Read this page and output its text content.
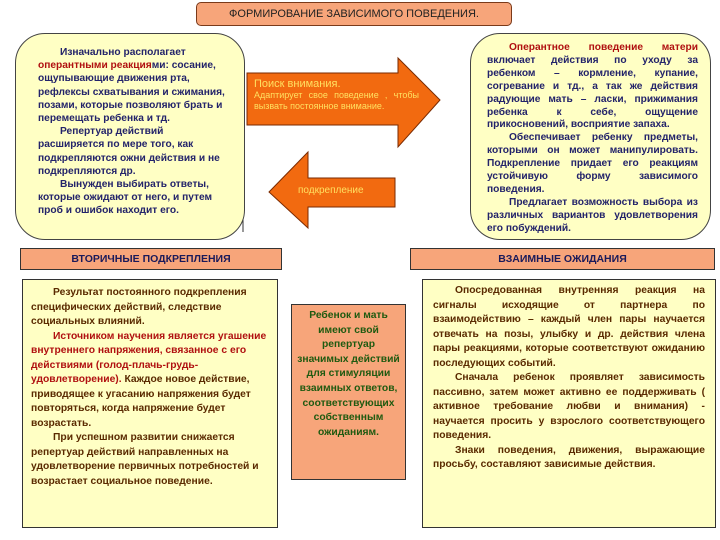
ФОРМИРОВАНИЕ ЗАВИСИМОГО ПОВЕДЕНИЯ.

Изначально располагает оперантными реакциями: сосание, ощупывающие движения рта, рефлексы схватывания и сжимания, позами, которые позволяют брать и перемещать ребенка и тд.

Репертуар действий расширяется по мере того, как подкрепляются ожни действия и не подкрепляются др.

Вынужден выбирать ответы, которые ожидают от него, и путем проб и ошибок находит его.

Поиск внимания.
Адаптирует свое поведение , чтобы вызвать постоянное внимание.
подкрепление

Оперантное поведение матери включает действия по уходу за ребенком – кормление, купание, согревание и тд., а так же действия радующие мать – ласки, прижимания ребенка к себе, ощущение прикосновений, восприятие запаха.

Обеспечивает ребенку предметы, которыми он может манипулировать. Подкрепление придает его реакциям устойчивую форму зависимого поведения.

Предлагает возможность выбора из различных вариантов удовлетворения его побуждений.

ВТОРИЧНЫЕ ПОДКРЕПЛЕНИЯ	ВЗАИМНЫЕ ОЖИДАНИЯ

Результат постоянного подкрепления специфических действий, следствие социальных влияний.

Источником научения является угашение внутреннего напряжения, связанное с его действиями (голод-плачь-грудь-удовлетворение). Каждое новое действие, приводящее к угасанию напряжения будет повторяться, когда напряжение будет возрастать.

При успешном развитии снижается репертуар действий направленных на удовлетворение первичных потребностей и возрастает социальное поведение.

Ребенок и мать имеют свой репертуар значимых действий для стимуляции взаимных ответов, соответствующих собственным ожиданиям.

Опосредованная внутренняя реакция на сигналы исходящие от партнера по взаимодействию – каждый член пары научается отвечать на позы, улыбку и др. действия члена пары реакциями, которые соответствуют ожиданию последующих событий.

Сначала ребенок проявляет зависимость пассивно, затем может активно ее поддерживать ( активное требование любви и внимания) - научается просить у взрослого соответствующего поведения.

Знаки поведения, движения, выражающие просьбу, составляют зависимые действия.
